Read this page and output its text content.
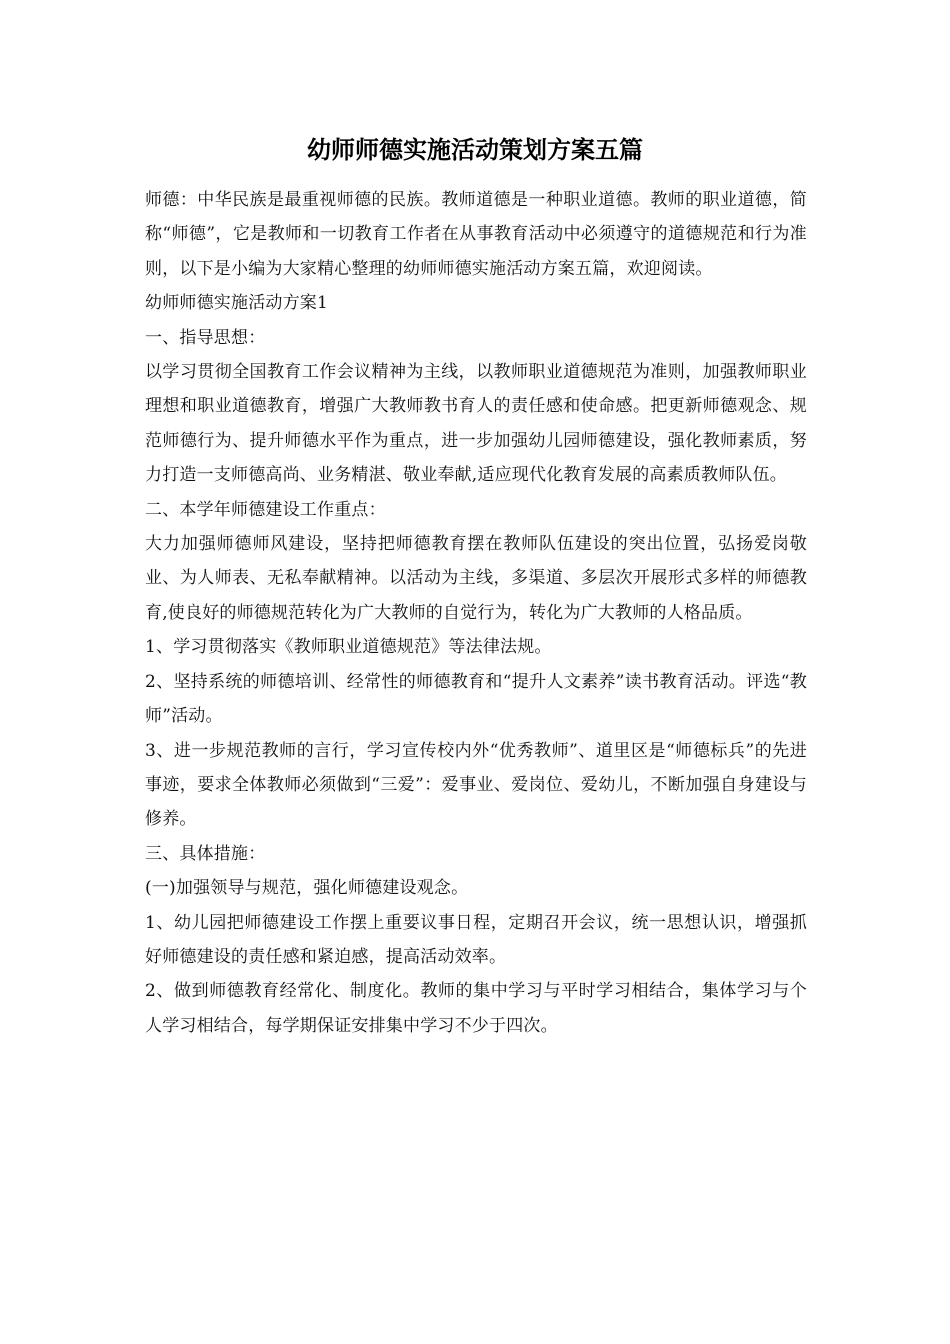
幼师师德实施活动策划方案五篇

师德：中华民族是最重视师德的民族。教师道德是一种职业道德。教师的职业道德，简称“师德”，它是教师和一切教育工作者在从事教育活动中必须遵守的道德规范和行为准则，以下是小编为大家精心整理的幼师师德实施活动方案五篇，欢迎阅读。

幼师师德实施活动方案1

一、指导思想：

以学习贯彻全国教育工作会议精神为主线，以教师职业道德规范为准则，加强教师职业理想和职业道德教育，增强广大教师教书育人的责任感和使命感。把更新师德观念、规范师德行为、提升师德水平作为重点，进一步加强幼儿园师德建设，强化教师素质，努力打造一支师德高尚、业务精湛、敬业奉献,适应现代化教育发展的高素质教师队伍。

二、本学年师德建设工作重点：

大力加强师德师风建设，坚持把师德教育摆在教师队伍建设的突出位置，弘扬爱岗敬业、为人师表、无私奉献精神。以活动为主线，多渠道、多层次开展形式多样的师德教育,使良好的师德规范转化为广大教师的自觉行为，转化为广大教师的人格品质。

1、学习贯彻落实《教师职业道德规范》等法律法规。

2、坚持系统的师德培训、经常性的师德教育和“提升人文素养”读书教育活动。评选“教师”活动。

3、进一步规范教师的言行，学习宣传校内外“优秀教师”、道里区是“师德标兵”的先进事迹，要求全体教师必须做到“三爱”：爱事业、爱岗位、爱幼儿，不断加强自身建设与修养。

三、具体措施：

(一)加强领导与规范，强化师德建设观念。

1、幼儿园把师德建设工作摆上重要议事日程，定期召开会议，统一思想认识，增强抓好师德建设的责任感和紧迫感，提高活动效率。

2、做到师德教育经常化、制度化。教师的集中学习与平时学习相结合，集体学习与个人学习相结合，每学期保证安排集中学习不少于四次。
